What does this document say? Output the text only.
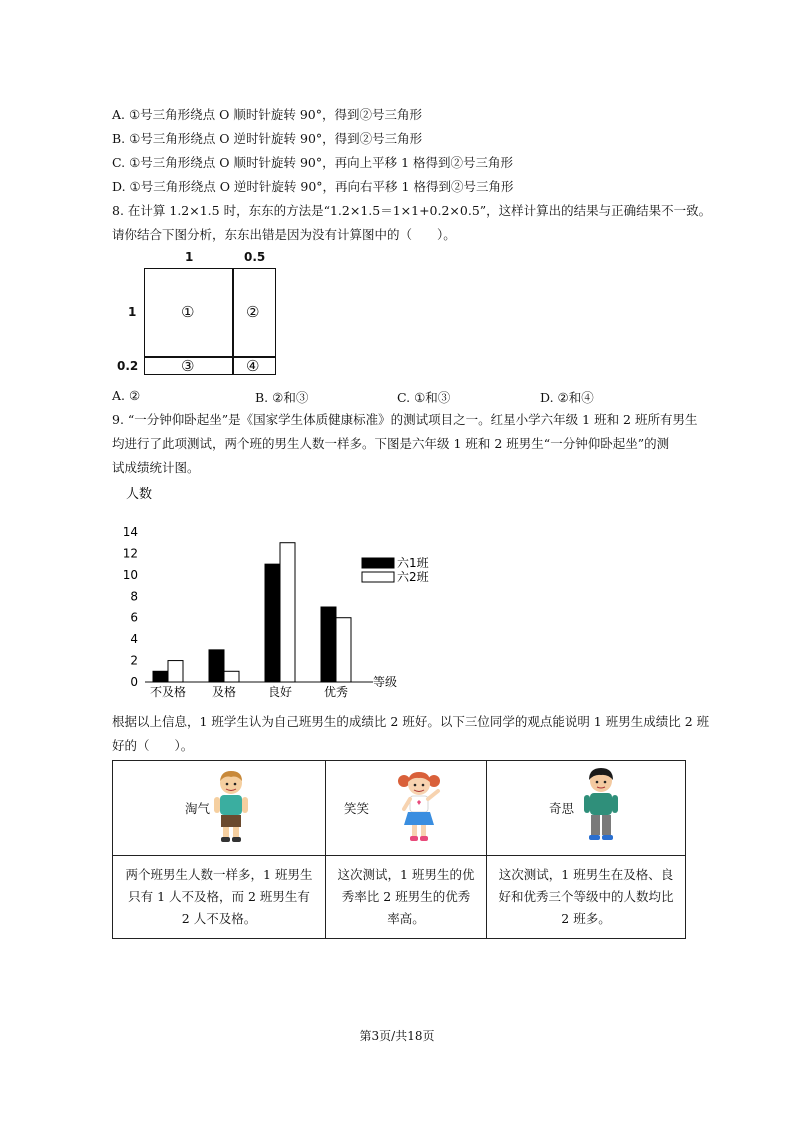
A. ①号三角形绕点 O 顺时针旋转 90°，得到②号三角形
B. ①号三角形绕点 O 逆时针旋转 90°，得到②号三角形
C. ①号三角形绕点 O 顺时针旋转 90°，再向上平移 1 格得到②号三角形
D. ①号三角形绕点 O 逆时针旋转 90°，再向右平移 1 格得到②号三角形
8. 在计算 1.2×1.5 时，东东的方法是“1.2×1.5＝1×1+0.2×0.5”，这样计算出的结果与正确结果不一致。
请你结合下图分析，东东出错是因为没有计算图中的（　　）。
1	0.5
1
0.2
①	②
③	④
A. ②	B. ②和③	C. ①和③	D. ②和④
9. “一分钟仰卧起坐”是《国家学生体质健康标准》的测试项目之一。红星小学六年级 1 班和 2 班所有男生
均进行了此项测试，两个班的男生人数一样多。下图是六年级 1 班和 2 班男生“一分钟仰卧起坐”的测
试成绩统计图。
人数
0
2
4
6
8
10
12
14
不及格 及格	良好	优秀
等级
六1班
六2班
根据以上信息，1 班学生认为自己班男生的成绩比 2 班好。以下三位同学的观点能说明 1 班男生成绩比 2 班
好的（　　）。
淘气	笑笑	奇思

两个班男生人数一样多，1 班男生只有 1 人不及格，而 2 班男生有 2 人不及格。	这次测试，1 班男生的优秀率比 2 班男生的优秀率高。	这次测试，1 班男生在及格、良好和优秀三个等级中的人数均比 2 班多。
第3页/共18页
